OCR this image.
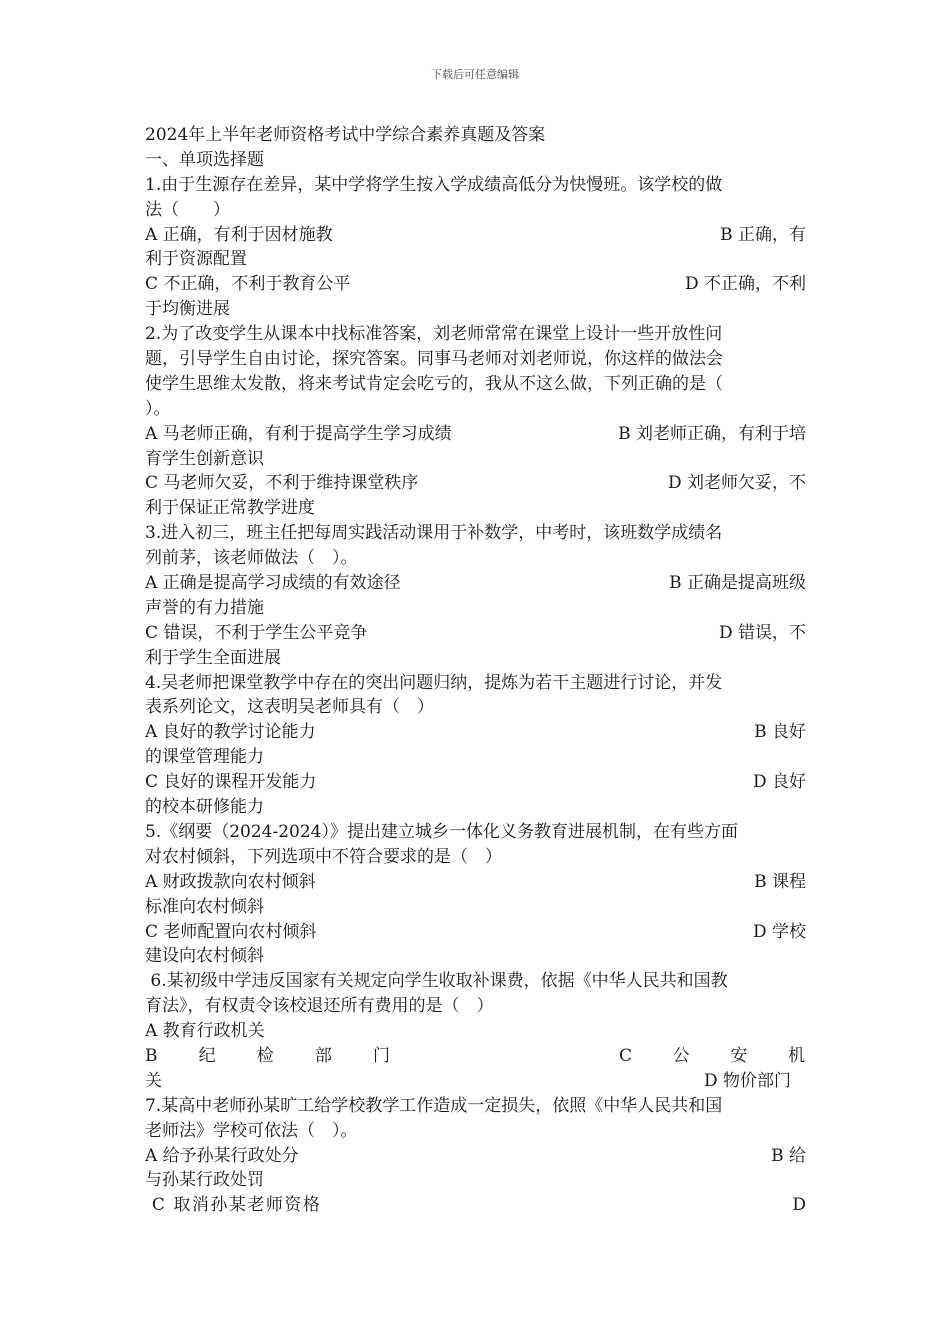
下载后可任意编辑
2024年上半年老师资格考试中学综合素养真题及答案
一、单项选择题
1.由于生源存在差异，某中学将学生按入学成绩高低分为快慢班。该学校的做
法（　　）
A 正确，有利于因材施教	B 正确，有
利于资源配置
C 不正确，不利于教育公平	D 不正确，不利
于均衡进展
2.为了改变学生从课本中找标准答案，刘老师常常在课堂上设计一些开放性问
题，引导学生自由讨论，探究答案。同事马老师对刘老师说，你这样的做法会
使学生思维太发散，将来考试肯定会吃亏的，我从不这么做，下列正确的是（
）。
A 马老师正确，有利于提高学生学习成绩	B 刘老师正确，有利于培
育学生创新意识
C 马老师欠妥，不利于维持课堂秩序	D 刘老师欠妥，不
利于保证正常教学进度
3.进入初三，班主任把每周实践活动课用于补数学，中考时，该班数学成绩名
列前茅，该老师做法（　）。
A 正确是提高学习成绩的有效途径	B 正确是提高班级
声誉的有力措施
C 错误，不利于学生公平竞争	D 错误，不
利于学生全面进展
4.吴老师把课堂教学中存在的突出问题归纳，提炼为若干主题进行讨论，并发
表系列论文，这表明吴老师具有（　）
A 良好的教学讨论能力	B 良好
的课堂管理能力
C 良好的课程开发能力	D 良好
的校本研修能力
5.《纲要（2024-2024）》提出建立城乡一体化义务教育进展机制，在有些方面
对农村倾斜，下列选项中不符合要求的是（　）
A 财政拨款向农村倾斜	B 课程
标准向农村倾斜
C 老师配置向农村倾斜	D 学校
建设向农村倾斜
6.某初级中学违反国家有关规定向学生收取补课费，依据《中华人民共和国教
育法》，有权责令该校退还所有费用的是（　）
A 教育行政机关
B 纪 检 部 门	C 公 安 机
关	D 物价部门
7.某高中老师孙某旷工给学校教学工作造成一定损失，依照《中华人民共和国
老师法》学校可依法（　）。
A 给予孙某行政处分	B 给
与孙某行政处罚
C 取消孙某老师资格	D
